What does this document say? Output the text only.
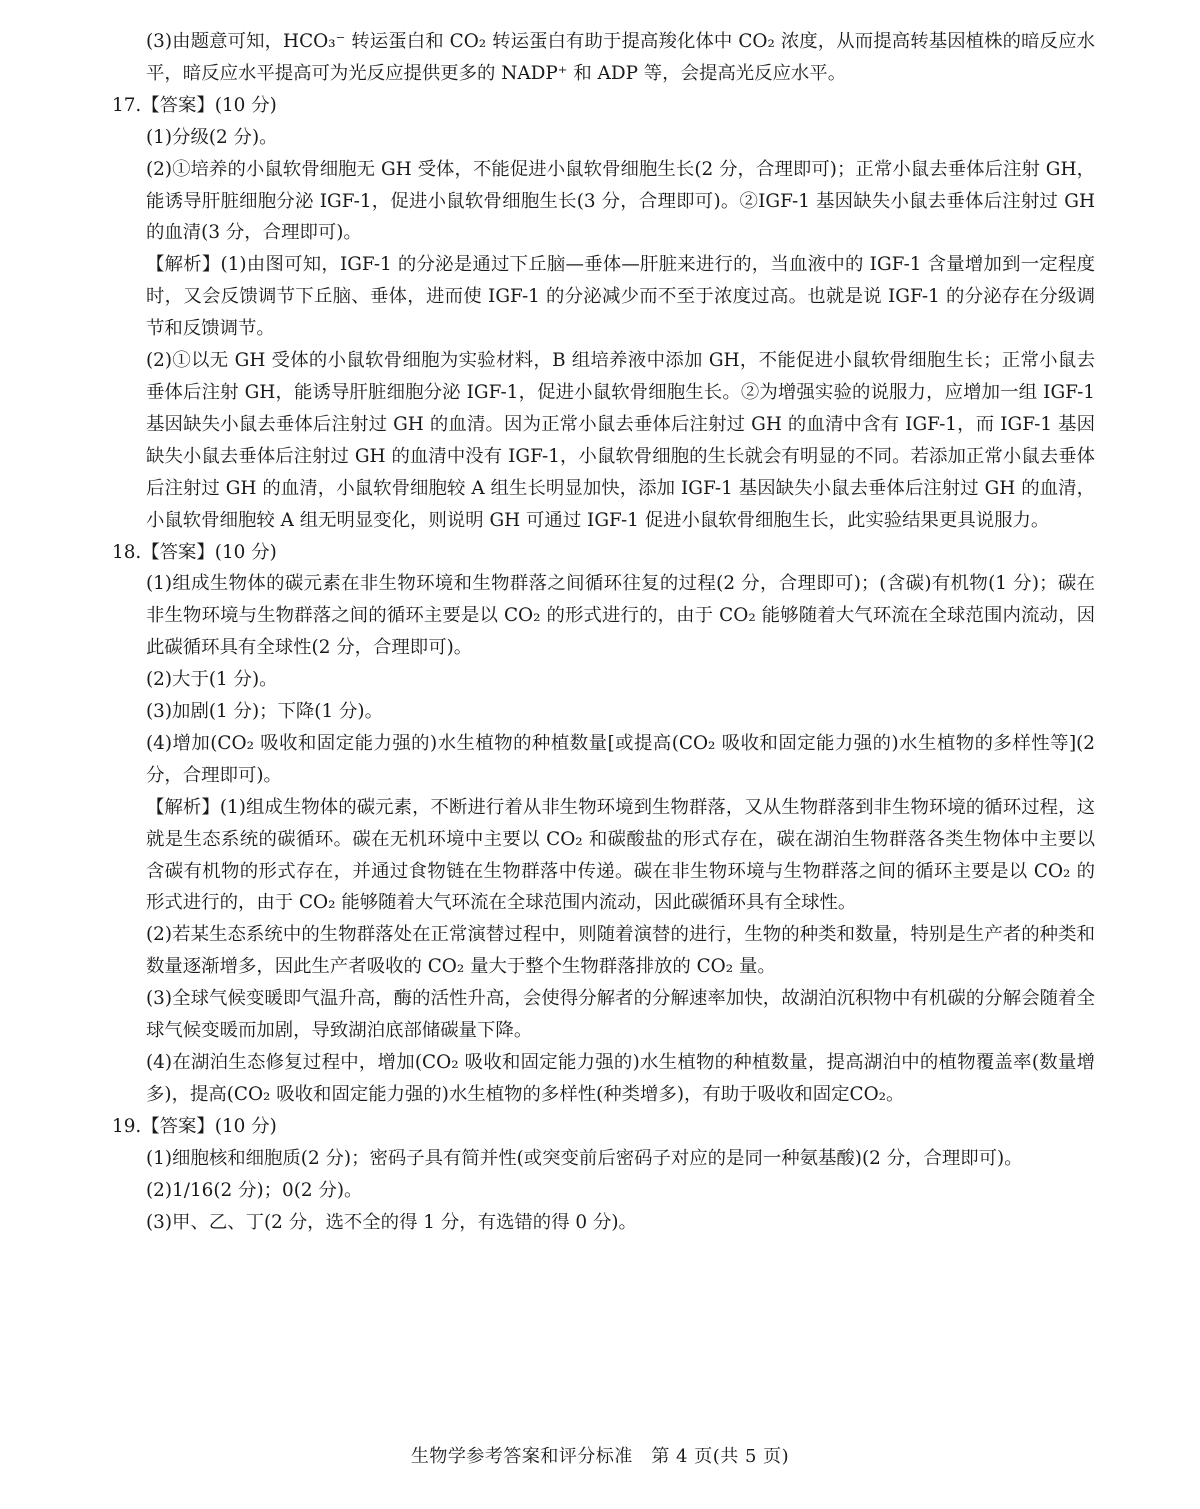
(3)由题意可知，HCO₃⁻ 转运蛋白和 CO₂ 转运蛋白有助于提高羧化体中 CO₂ 浓度，从而提高转基因植株的暗反应水平，暗反应水平提高可为光反应提供更多的 NADP⁺ 和 ADP 等，会提高光反应水平。

17.【答案】(10 分)

(1)分级(2 分)。

(2)①培养的小鼠软骨细胞无 GH 受体，不能促进小鼠软骨细胞生长(2 分，合理即可)；正常小鼠去垂体后注射 GH，能诱导肝脏细胞分泌 IGF-1，促进小鼠软骨细胞生长(3 分，合理即可)。②IGF-1 基因缺失小鼠去垂体后注射过 GH 的血清(3 分，合理即可)。

【解析】(1)由图可知，IGF-1 的分泌是通过下丘脑—垂体—肝脏来进行的，当血液中的 IGF-1 含量增加到一定程度时，又会反馈调节下丘脑、垂体，进而使 IGF-1 的分泌减少而不至于浓度过高。也就是说 IGF-1 的分泌存在分级调节和反馈调节。

(2)①以无 GH 受体的小鼠软骨细胞为实验材料，B 组培养液中添加 GH，不能促进小鼠软骨细胞生长；正常小鼠去垂体后注射 GH，能诱导肝脏细胞分泌 IGF-1，促进小鼠软骨细胞生长。②为增强实验的说服力，应增加一组 IGF-1 基因缺失小鼠去垂体后注射过 GH 的血清。因为正常小鼠去垂体后注射过 GH 的血清中含有 IGF-1，而 IGF-1 基因缺失小鼠去垂体后注射过 GH 的血清中没有 IGF-1，小鼠软骨细胞的生长就会有明显的不同。若添加正常小鼠去垂体后注射过 GH 的血清，小鼠软骨细胞较 A 组生长明显加快，添加 IGF-1 基因缺失小鼠去垂体后注射过 GH 的血清，小鼠软骨细胞较 A 组无明显变化，则说明 GH 可通过 IGF-1 促进小鼠软骨细胞生长，此实验结果更具说服力。

18.【答案】(10 分)

(1)组成生物体的碳元素在非生物环境和生物群落之间循环往复的过程(2 分，合理即可)；(含碳)有机物(1 分)；碳在非生物环境与生物群落之间的循环主要是以 CO₂ 的形式进行的，由于 CO₂ 能够随着大气环流在全球范围内流动，因此碳循环具有全球性(2 分，合理即可)。

(2)大于(1 分)。

(3)加剧(1 分)；下降(1 分)。

(4)增加(CO₂ 吸收和固定能力强的)水生植物的种植数量[或提高(CO₂ 吸收和固定能力强的)水生植物的多样性等](2 分，合理即可)。

【解析】(1)组成生物体的碳元素，不断进行着从非生物环境到生物群落，又从生物群落到非生物环境的循环过程，这就是生态系统的碳循环。碳在无机环境中主要以 CO₂ 和碳酸盐的形式存在，碳在湖泊生物群落各类生物体中主要以含碳有机物的形式存在，并通过食物链在生物群落中传递。碳在非生物环境与生物群落之间的循环主要是以 CO₂ 的形式进行的，由于 CO₂ 能够随着大气环流在全球范围内流动，因此碳循环具有全球性。

(2)若某生态系统中的生物群落处在正常演替过程中，则随着演替的进行，生物的种类和数量，特别是生产者的种类和数量逐渐增多，因此生产者吸收的 CO₂ 量大于整个生物群落排放的 CO₂ 量。

(3)全球气候变暖即气温升高，酶的活性升高，会使得分解者的分解速率加快，故湖泊沉积物中有机碳的分解会随着全球气候变暖而加剧，导致湖泊底部储碳量下降。

(4)在湖泊生态修复过程中，增加(CO₂ 吸收和固定能力强的)水生植物的种植数量，提高湖泊中的植物覆盖率(数量增多)，提高(CO₂ 吸收和固定能力强的)水生植物的多样性(种类增多)，有助于吸收和固定CO₂。

19.【答案】(10 分)

(1)细胞核和细胞质(2 分)；密码子具有简并性(或突变前后密码子对应的是同一种氨基酸)(2 分，合理即可)。

(2)1/16(2 分)；0(2 分)。

(3)甲、乙、丁(2 分，选不全的得 1 分，有选错的得 0 分)。

生物学参考答案和评分标准　第 4 页(共 5 页)
